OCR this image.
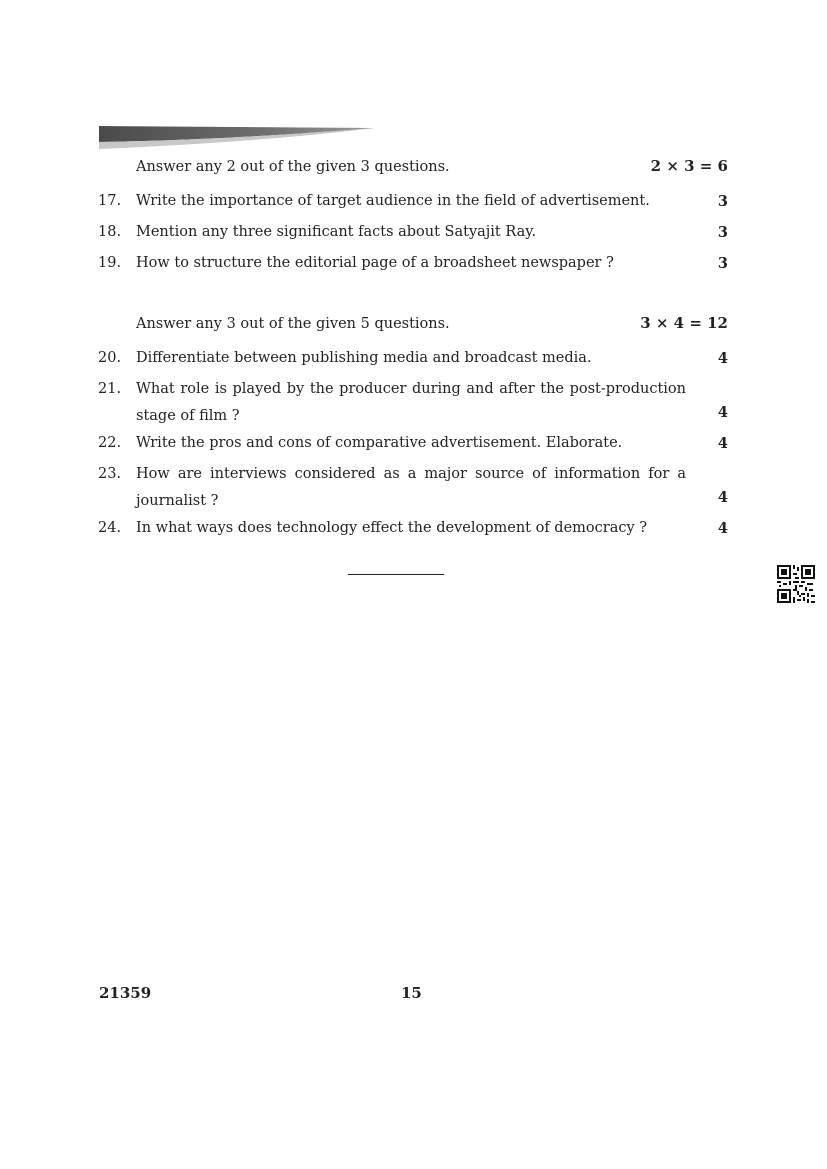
Answer any 2 out of the given 3 questions.	2 × 3 = 6
17.	Write the importance of target audience in the field of advertisement.	3
18.	Mention any three significant facts about Satyajit Ray.	3
19.	How to structure the editorial page of a broadsheet newspaper ?	3
Answer any 3 out of the given 5 questions.	3 × 4 = 12
20.	Differentiate between publishing media and broadcast media.	4
21.	What role is played by the producer during and after the post-production stage of film ?	4
22.	Write the pros and cons of comparative advertisement. Elaborate.	4
23.	How are interviews considered as a major source of information for a journalist ?	4
24.	In what ways does technology effect the development of democracy ?	4
21359	15
